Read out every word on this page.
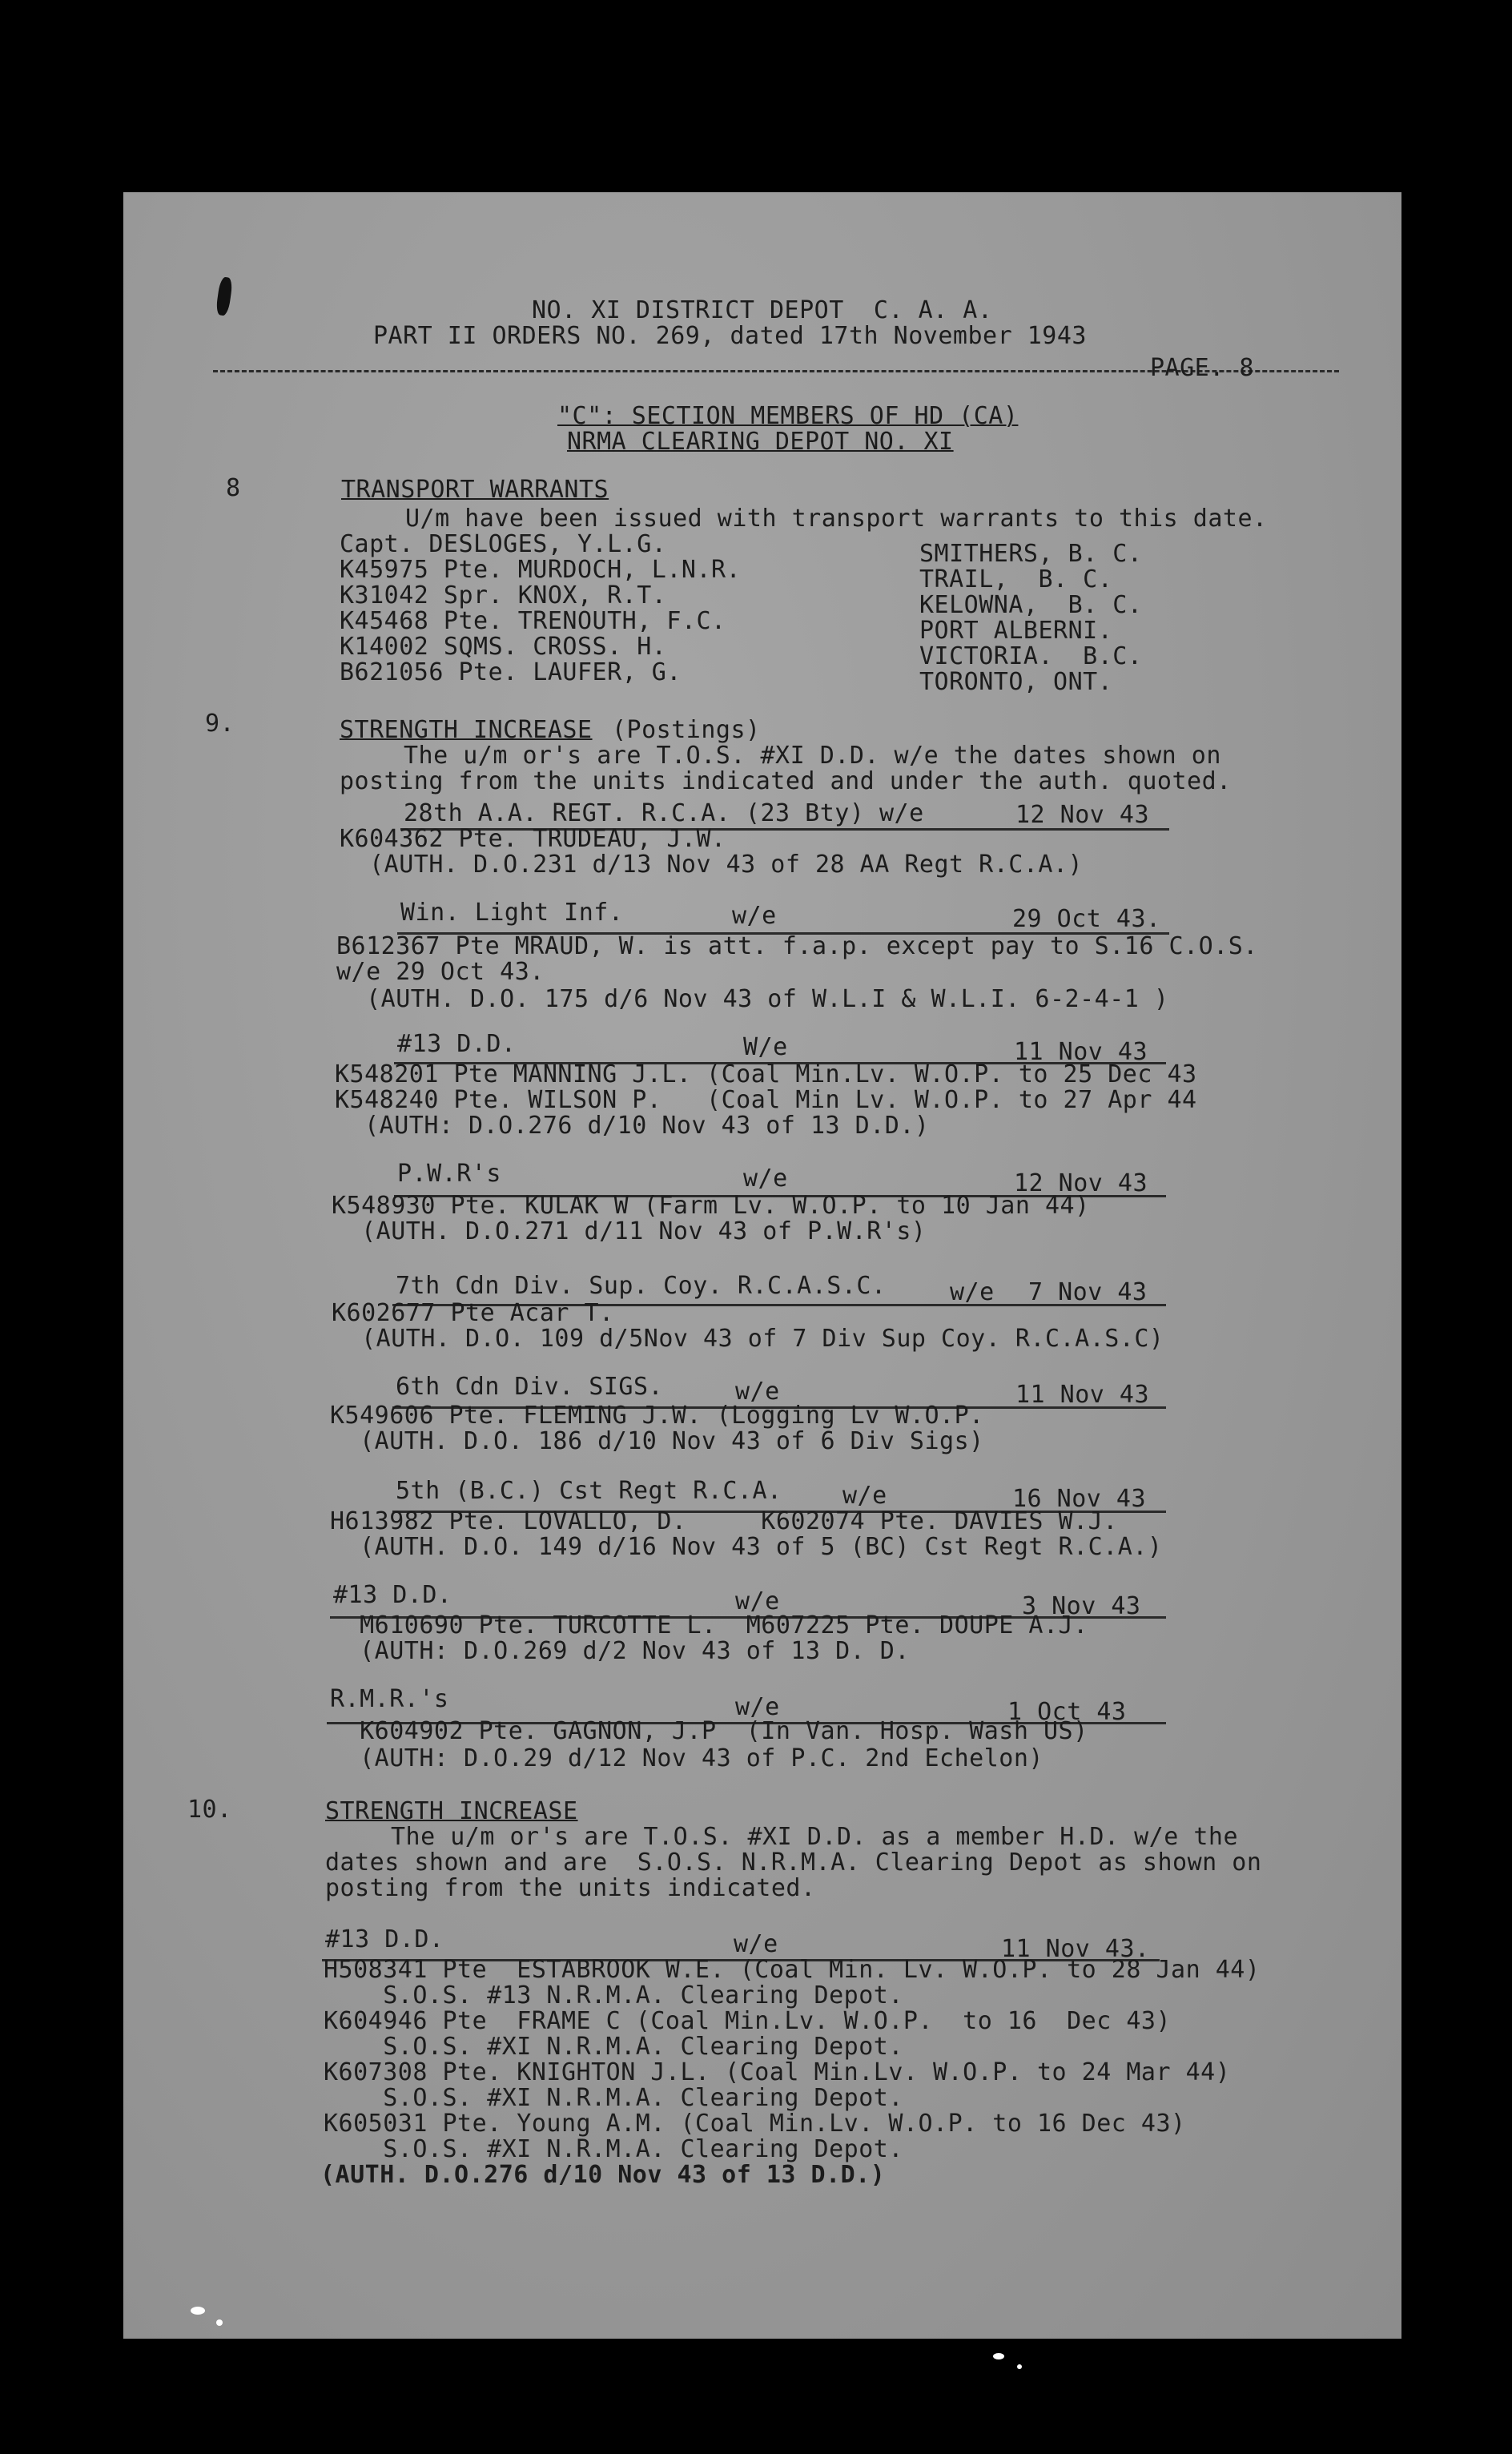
NO. XI DISTRICT DEPOT  C. A. A.
PART II ORDERS NO. 269, dated 17th November 1943
PAGE. 8
"C": SECTION MEMBERS OF HD (CA)
NRMA CLEARING DEPOT NO. XI
8	TRANSPORT WARRANTS
U/m have been issued with transport warrants to this date.
Capt. DESLOGES, Y.L.G.	SMITHERS, B. C.
K45975 Pte. MURDOCH, L.N.R.	TRAIL,  B. C.
K31042 Spr. KNOX, R.T.	KELOWNA,  B. C.
K45468 Pte. TRENOUTH, F.C.	PORT ALBERNI.
K14002 SQMS. CROSS. H.	VICTORIA.  B.C.
B621056 Pte. LAUFER, G.	TORONTO, ONT.
9.	STRENGTH INCREASE (Postings)
The u/m or's are T.O.S. #XI D.D. w/e the dates shown on
posting from the units indicated and under the auth. quoted.
28th A.A. REGT. R.C.A. (23 Bty) w/e	12 Nov 43
K604362 Pte. TRUDEAU, J.W.
(AUTH. D.O.231 d/13 Nov 43 of 28 AA Regt R.C.A.)
Win. Light Inf.	w/e	29 Oct 43.
B612367 Pte MRAUD, W. is att. f.a.p. except pay to S.16 C.O.S.
w/e 29 Oct 43.
(AUTH. D.O. 175 d/6 Nov 43 of W.L.I & W.L.I. 6-2-4-1 )
#13 D.D.	W/e	11 Nov 43
K548201 Pte MANNING J.L. (Coal Min.Lv. W.O.P. to 25 Dec 43
K548240 Pte. WILSON P.   (Coal Min Lv. W.O.P. to 27 Apr 44
(AUTH: D.O.276 d/10 Nov 43 of 13 D.D.)
P.W.R's	w/e	12 Nov 43
K548930 Pte. KULAK W (Farm Lv. W.O.P. to 10 Jan 44)
(AUTH. D.O.271 d/11 Nov 43 of P.W.R's)
7th Cdn Div. Sup. Coy. R.C.A.S.C.	w/e 7 Nov 43
K602677 Pte Acar T.
(AUTH. D.O. 109 d/5Nov 43 of 7 Div Sup Coy. R.C.A.S.C)
6th Cdn Div. SIGS.	w/e	11 Nov 43
K549606 Pte. FLEMING J.W. (Logging Lv W.O.P.
(AUTH. D.O. 186 d/10 Nov 43 of 6 Div Sigs)
5th (B.C.) Cst Regt R.C.A.	w/e	16 Nov 43
H613982 Pte. LOVALLO, D.     K602074 Pte. DAVIES W.J.
(AUTH. D.O. 149 d/16 Nov 43 of 5 (BC) Cst Regt R.C.A.)
#13 D.D.	w/e	3 Nov 43
M610690 Pte. TURCOTTE L.  M607225 Pte. DOUPE A.J.
(AUTH: D.O.269 d/2 Nov 43 of 13 D. D.
R.M.R.'s	w/e	1 Oct 43
K604902 Pte. GAGNON, J.P  (In Van. Hosp. Wash US)
(AUTH: D.O.29 d/12 Nov 43 of P.C. 2nd Echelon)
10.	STRENGTH INCREASE
The u/m or's are T.O.S. #XI D.D. as a member H.D. w/e the
dates shown and are  S.O.S. N.R.M.A. Clearing Depot as shown on
posting from the units indicated.
#13 D.D.	w/e	11 Nov 43.
H508341 Pte  ESTABROOK W.E. (Coal Min. Lv. W.O.P. to 28 Jan 44)
S.O.S. #13 N.R.M.A. Clearing Depot.
K604946 Pte  FRAME C (Coal Min.Lv. W.O.P.  to 16  Dec 43)
S.O.S. #XI N.R.M.A. Clearing Depot.
K607308 Pte. KNIGHTON J.L. (Coal Min.Lv. W.O.P. to 24 Mar 44)
S.O.S. #XI N.R.M.A. Clearing Depot.
K605031 Pte. Young A.M. (Coal Min.Lv. W.O.P. to 16 Dec 43)
S.O.S. #XI N.R.M.A. Clearing Depot.
(AUTH. D.O.276 d/10 Nov 43 of 13 D.D.)
